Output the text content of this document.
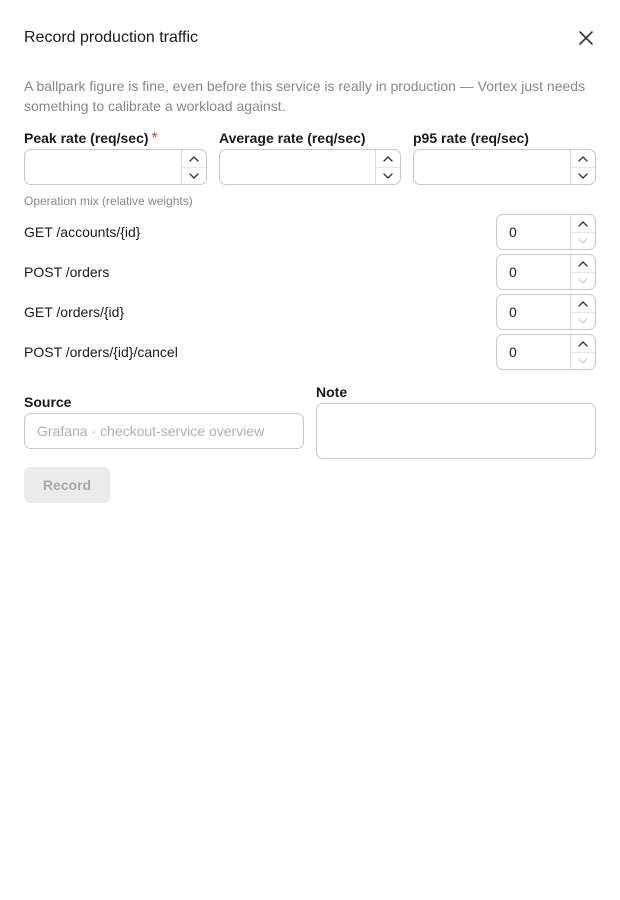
Record production traffic
A ballpark figure is fine, even before this service is really in production — Vortex just needs something to calibrate a workload against.
Peak rate (req/sec) *	Average rate (req/sec)	p95 rate (req/sec)
Operation mix (relative weights)
GET /accounts/{id}	0
POST /orders	0
GET /orders/{id}	0
POST /orders/{id}/cancel	0
Source
Grafana · checkout-service overview
Note
Record
